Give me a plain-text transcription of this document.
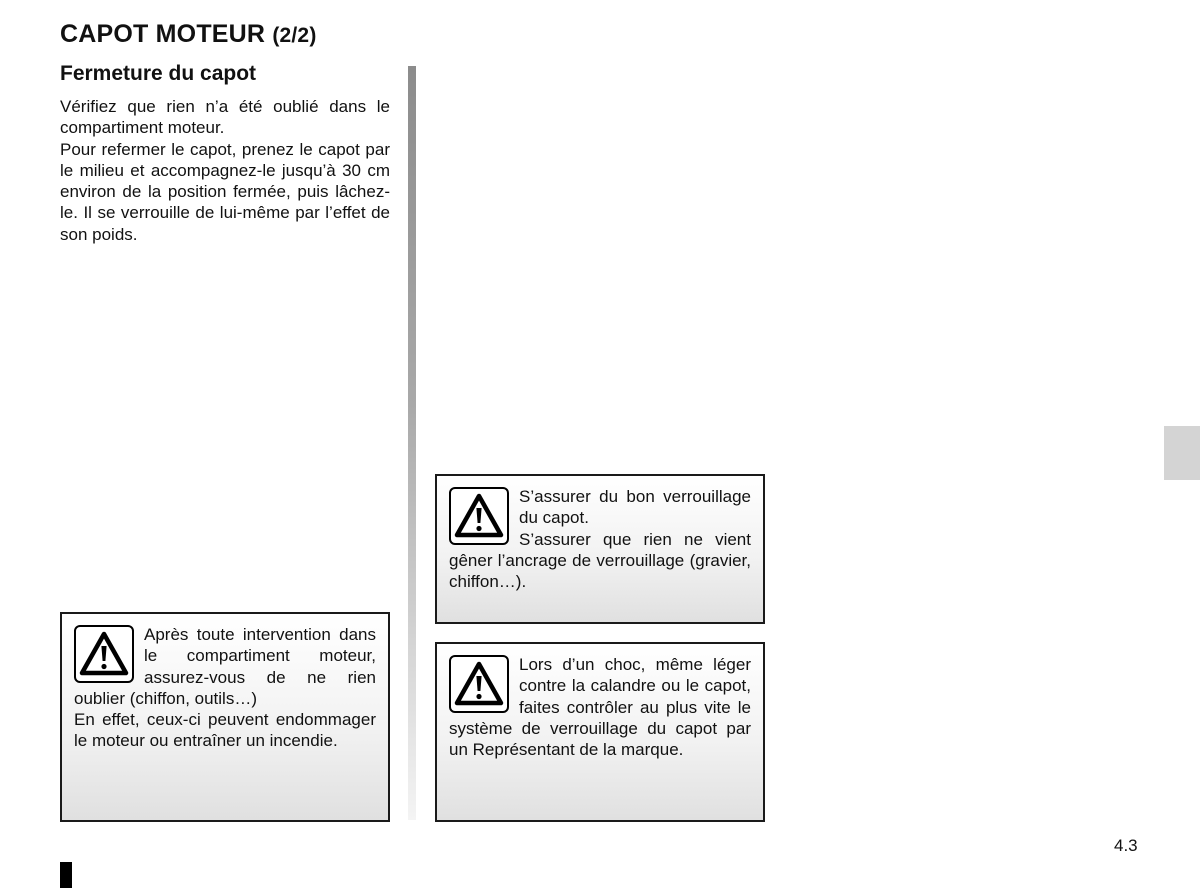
CAPOT MOTEUR (2/2)
Fermeture du capot

Vérifiez que rien n’a été oublié dans le compartiment moteur.

Pour refermer le capot, prenez le capot par le milieu et accompagnez-le jusqu’à 30 cm environ de la position fermée, puis lâchez-le. Il se verrouille de lui-même par l’effet de son poids.

Après toute intervention dans le compartiment moteur, assurez-vous de ne rien oublier (chiffon, outils…)

En effet, ceux-ci peuvent endommager le moteur ou entraîner un incendie.

S’assurer du bon verrouillage du capot.

S’assurer que rien ne vient gêner l’ancrage de verrouillage (gravier, chiffon…).

Lors d’un choc, même léger contre la calandre ou le capot, faites contrôler au plus vite le système de verrouillage du capot par un Représentant de la marque.

4.3
